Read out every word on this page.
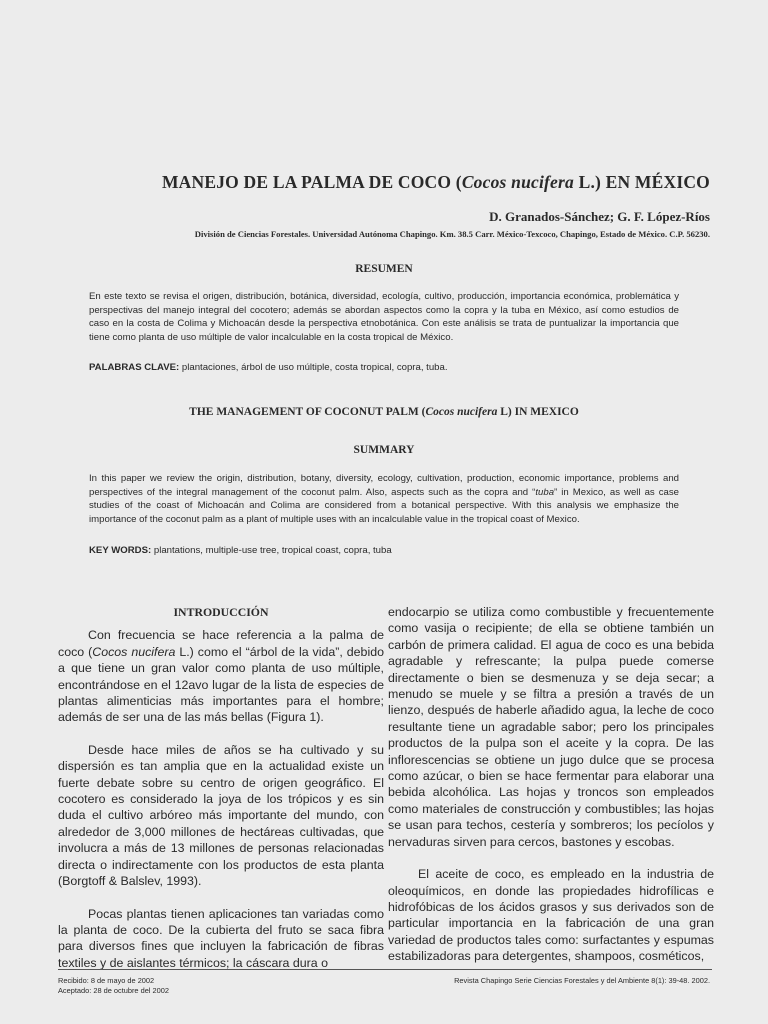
MANEJO DE LA PALMA DE COCO (Cocos nucifera L.) EN MÉXICO
D. Granados-Sánchez; G. F. López-Ríos
División de Ciencias Forestales. Universidad Autónoma Chapingo. Km. 38.5 Carr. México-Texcoco, Chapingo, Estado de México. C.P. 56230.
RESUMEN

En este texto se revisa el origen, distribución, botánica, diversidad, ecología, cultivo, producción, importancia económica, problemática y perspectivas del manejo integral del cocotero; además se abordan aspectos como la copra y la tuba en México, así como estudios de caso en la costa de Colima y Michoacán desde la perspectiva etnobotánica. Con este análisis se trata de puntualizar la importancia que tiene como planta de uso múltiple de valor incalculable en la costa tropical de México.

PALABRAS CLAVE: plantaciones, árbol de uso múltiple, costa tropical, copra, tuba.

THE MANAGEMENT OF COCONUT PALM (Cocos nucifera L) IN MEXICO
SUMMARY

In this paper we review the origin, distribution, botany, diversity, ecology, cultivation, production, economic importance, problems and perspectives of the integral management of the coconut palm. Also, aspects such as the copra and “tuba” in Mexico, as well as case studies of the coast of Michoacán and Colima are considered from a botanical perspective. With this analysis we emphasize the importance of the coconut palm as a plant of multiple uses with an incalculable value in the tropical coast of Mexico.

KEY WORDS: plantations, multiple-use tree, tropical coast, copra, tuba

INTRODUCCIÓN

Con frecuencia se hace referencia a la palma de coco (Cocos nucifera L.) como el “árbol de la vida”, debido a que tiene un gran valor como planta de uso múltiple, encontrándose en el 12avo lugar de la lista de especies de plantas alimenticias más importantes para el hombre; además de ser una de las más bellas (Figura 1).

Desde hace miles de años se ha cultivado y su dispersión es tan amplia que en la actualidad existe un fuerte debate sobre su centro de origen geográfico. El cocotero es considerado la joya de los trópicos y es sin duda el cultivo arbóreo más importante del mundo, con alrededor de 3,000 millones de hectáreas cultivadas, que involucra a más de 13 millones de personas relacionadas directa o indirectamente con los productos de esta planta (Borgtoff & Balslev, 1993).

Pocas plantas tienen aplicaciones tan variadas como la planta de coco. De la cubierta del fruto se saca fibra para diversos fines que incluyen la fabricación de fibras textiles y de aislantes térmicos; la cáscara dura o

endocarpio se utiliza como combustible y frecuentemente como vasija o recipiente; de ella se obtiene también un carbón de primera calidad. El agua de coco es una bebida agradable y refrescante; la pulpa puede comerse directamente o bien se desmenuza y se deja secar; a menudo se muele y se filtra a presión a través de un lienzo, después de haberle añadido agua, la leche de coco resultante tiene un agradable sabor; pero los principales productos de la pulpa son el aceite y la copra. De las inflorescencias se obtiene un jugo dulce que se procesa como azúcar, o bien se hace fermentar para elaborar una bebida alcohólica. Las hojas y troncos son empleados como materiales de construcción y combustibles; las hojas se usan para techos, cestería y sombreros; los pecíolos y nervaduras sirven para cercos, bastones y escobas.

El aceite de coco, es empleado en la industria de oleoquímicos, en donde las propiedades hidrofílicas e hidrofóbicas de los ácidos grasos y sus derivados son de particular importancia en la fabricación de una gran variedad de productos tales como: surfactantes y espumas estabilizadoras para detergentes, shampoos, cosméticos,

Recibido: 8 de mayo de 2002
Aceptado: 28 de octubre del 2002
Revista Chapingo Serie Ciencias Forestales y del Ambiente 8(1): 39-48. 2002.
